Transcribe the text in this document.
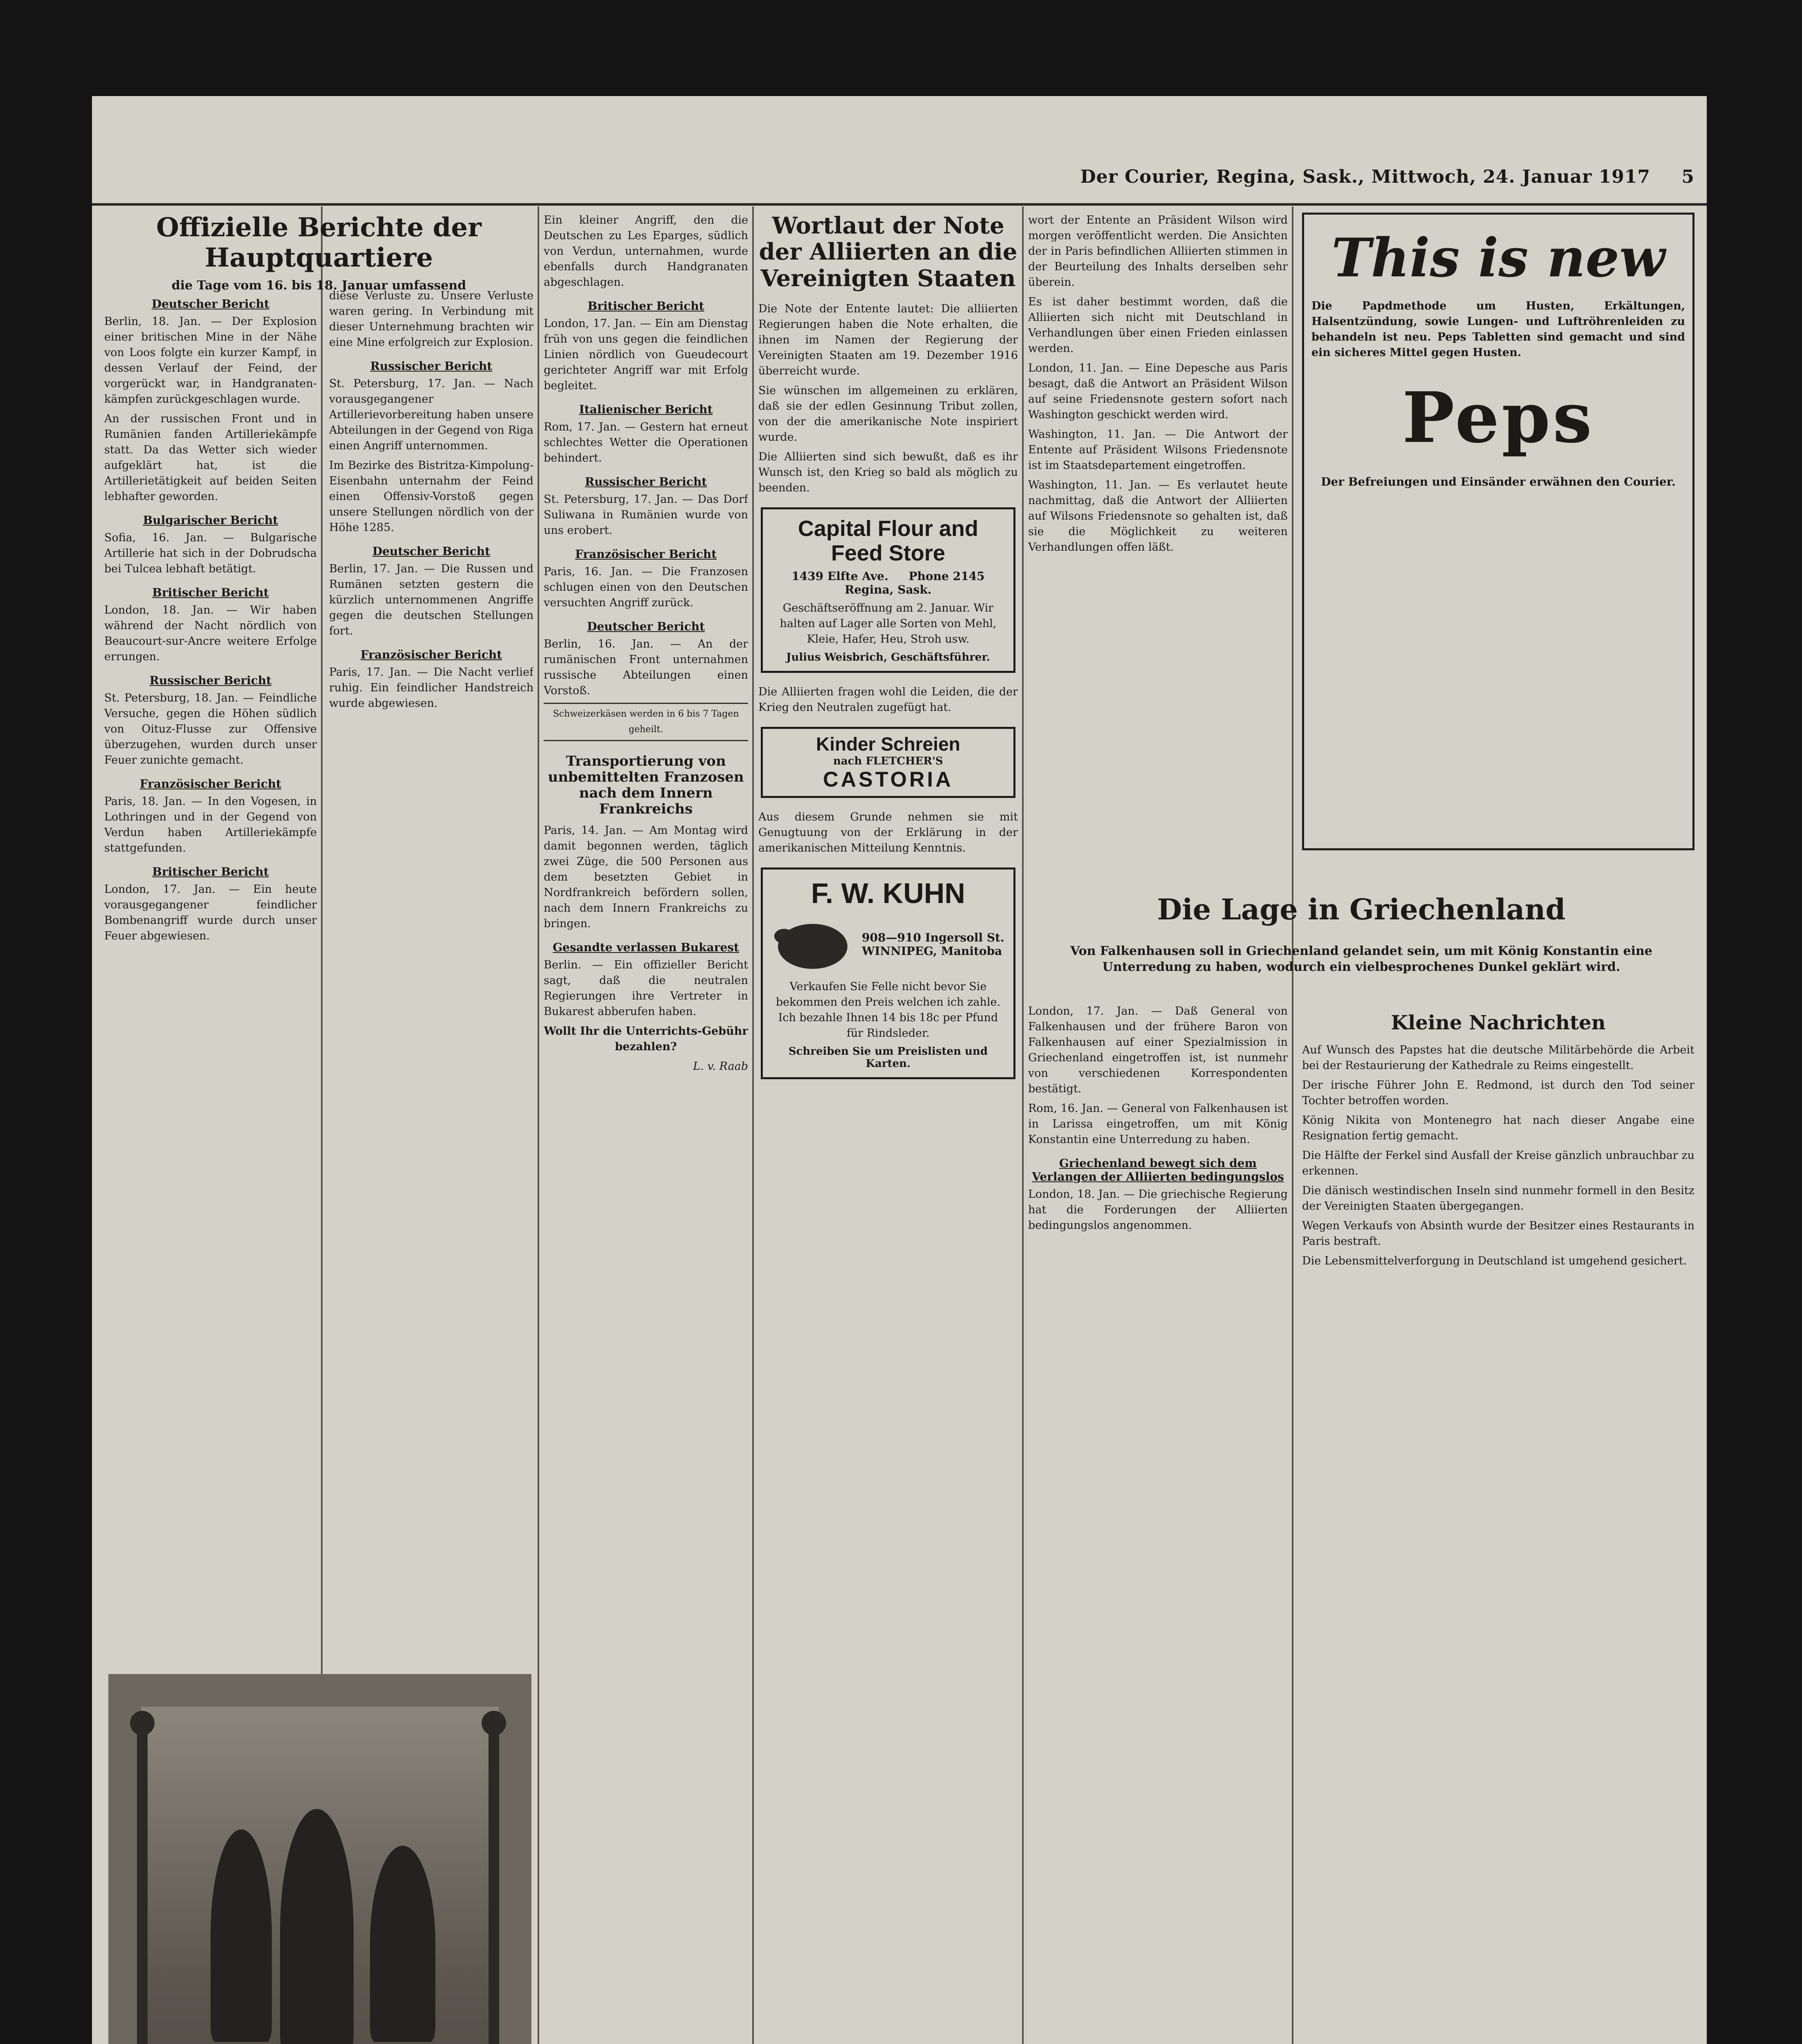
Der Courier, Regina, Sask., Mittwoch, 24. Januar 1917 5
Offizielle Berichte der Hauptquartiere
die Tage vom 16. bis 18. Januar umfassend
Deutscher Bericht

Berlin, 18. Jan. — Der Explosion einer britischen Mine in der Nähe von Loos folgte ein kurzer Kampf, in dessen Verlauf der Feind, der vorgerückt war, in Handgranaten-kämpfen zurückgeschlagen wurde.

An der russischen Front und in Rumänien fanden Artilleriekämpfe statt. Da das Wetter sich wieder aufgeklärt hat, ist die Artillerietätigkeit auf beiden Seiten lebhafter geworden.

Bulgarischer Bericht

Sofia, 16. Jan. — Bulgarische Artillerie hat sich in der Dobrudscha bei Tulcea lebhaft betätigt.

Britischer Bericht

London, 18. Jan. — Wir haben während der Nacht nördlich von Beaucourt-sur-Ancre weitere Erfolge errungen.

Russischer Bericht

St. Petersburg, 18. Jan. — Feindliche Versuche, gegen die Höhen südlich von Oituz-Flusse zur Offensive überzugehen, wurden durch unser Feuer zunichte gemacht.

Französischer Bericht

Paris, 18. Jan. — In den Vogesen, in Lothringen und in der Gegend von Verdun haben Artilleriekämpfe stattgefunden.

Britischer Bericht

London, 17. Jan. — Ein heute vorausgegangener feindlicher Bombenangriff wurde durch unser Feuer abgewiesen.

diese Verluste zu. Unsere Verluste waren gering. In Verbindung mit dieser Unternehmung brachten wir eine Mine erfolgreich zur Explosion.

Russischer Bericht

St. Petersburg, 17. Jan. — Nach vorausgegangener Artillerievorbereitung haben unsere Abteilungen in der Gegend von Riga einen Angriff unternommen.

Im Bezirke des Bistritza-Kimpolung-Eisenbahn unternahm der Feind einen Offensiv-Vorstoß gegen unsere Stellungen nördlich von der Höhe 1285.

Deutscher Bericht

Berlin, 17. Jan. — Die Russen und Rumänen setzten gestern die kürzlich unternommenen Angriffe gegen die deutschen Stellungen fort.

Französischer Bericht

Paris, 17. Jan. — Die Nacht verlief ruhig. Ein feindlicher Handstreich wurde abgewiesen.

Ein kleiner Angriff, den die Deutschen zu Les Eparges, südlich von Verdun, unternahmen, wurde ebenfalls durch Handgranaten abgeschlagen.

Britischer Bericht

London, 17. Jan. — Ein am Dienstag früh von uns gegen die feindlichen Linien nördlich von Gueudecourt gerichteter Angriff war mit Erfolg begleitet.

Italienischer Bericht

Rom, 17. Jan. — Gestern hat erneut schlechtes Wetter die Operationen behindert.

Russischer Bericht

St. Petersburg, 17. Jan. — Das Dorf Suliwana in Rumänien wurde von uns erobert.

Französischer Bericht

Paris, 16. Jan. — Die Franzosen schlugen einen von den Deutschen versuchten Angriff zurück.

Deutscher Bericht

Berlin, 16. Jan. — An der rumänischen Front unternahmen russische Abteilungen einen Vorstoß.

Schweizerkäsen werden in 6 bis 7 Tagen geheilt.

Transportierung von unbemittelten Franzosen nach dem Innern Frankreichs

Paris, 14. Jan. — Am Montag wird damit begonnen werden, täglich zwei Züge, die 500 Personen aus dem besetzten Gebiet in Nordfrankreich befördern sollen, nach dem Innern Frankreichs zu bringen.

Gesandte verlassen Bukarest

Berlin. — Ein offizieller Bericht sagt, daß die neutralen Regierungen ihre Vertreter in Bukarest abberufen haben.

Wollt Ihr die Unterrichts-Gebühr bezahlen?

L. v. Raab

Wortlaut der Note der Alliierten an die Vereinigten Staaten

Die Note der Entente lautet: Die alliierten Regierungen haben die Note erhalten, die ihnen im Namen der Regierung der Vereinigten Staaten am 19. Dezember 1916 überreicht wurde.

Sie wünschen im allgemeinen zu erklären, daß sie der edlen Gesinnung Tribut zollen, von der die amerikanische Note inspiriert wurde.

Die Alliierten sind sich bewußt, daß es ihr Wunsch ist, den Krieg so bald als möglich zu beenden.

Capital Flour and Feed Store
1439 Elfte Ave. Phone 2145
Regina, Sask.

Geschäftseröffnung am 2. Januar. Wir halten auf Lager alle Sorten von Mehl, Kleie, Hafer, Heu, Stroh usw.

Julius Weisbrich, Geschäftsführer.

Die Alliierten fragen wohl die Leiden, die der Krieg den Neutralen zugefügt hat.

Kinder Schreien
nach FLETCHER'S
CASTORIA

Aus diesem Grunde nehmen sie mit Genugtuung von der Erklärung in der amerikanischen Mitteilung Kenntnis.

F. W. KUHN
908—910 Ingersoll St.
WINNIPEG, Manitoba

Verkaufen Sie Felle nicht bevor Sie bekommen den Preis welchen ich zahle. Ich bezahle Ihnen 14 bis 18c per Pfund für Rindsleder.

Schreiben Sie um Preislisten und Karten.

wort der Entente an Präsident Wilson wird morgen veröffentlicht werden. Die Ansichten der in Paris befindlichen Alliierten stimmen in der Beurteilung des Inhalts derselben sehr überein.

Es ist daher bestimmt worden, daß die Alliierten sich nicht mit Deutschland in Verhandlungen über einen Frieden einlassen werden.

London, 11. Jan. — Eine Depesche aus Paris besagt, daß die Antwort an Präsident Wilson auf seine Friedensnote gestern sofort nach Washington geschickt werden wird.

Washington, 11. Jan. — Die Antwort der Entente auf Präsident Wilsons Friedensnote ist im Staatsdepartement eingetroffen.

Washington, 11. Jan. — Es verlautet heute nachmittag, daß die Antwort der Alliierten auf Wilsons Friedensnote so gehalten ist, daß sie die Möglichkeit zu weiteren Verhandlungen offen läßt.

This is new

Die Papdmethode um Husten, Erkältungen, Halsentzündung, sowie Lungen- und Luftröhrenleiden zu behandeln ist neu. Peps Tabletten sind gemacht und sind ein sicheres Mittel gegen Husten.

Peps
Der Befreiungen und Einsänder erwähnen den Courier.
Die Lage in Griechenland
Von Falkenhausen soll in Griechenland gelandet sein, um mit König Konstantin eine Unterredung zu haben, wodurch ein vielbesprochenes Dunkel geklärt wird.

London, 17. Jan. — Daß General von Falkenhausen und der frühere Baron von Falkenhausen auf einer Spezialmission in Griechenland eingetroffen ist, ist nunmehr von verschiedenen Korrespondenten bestätigt.

Rom, 16. Jan. — General von Falkenhausen ist in Larissa eingetroffen, um mit König Konstantin eine Unterredung zu haben.

Griechenland bewegt sich dem Verlangen der Alliierten bedingungslos

London, 18. Jan. — Die griechische Regierung hat die Forderungen der Alliierten bedingungslos angenommen.

Kleine Nachrichten

Auf Wunsch des Papstes hat die deutsche Militärbehörde die Arbeit bei der Restaurierung der Kathedrale zu Reims eingestellt.

Der irische Führer John E. Redmond, ist durch den Tod seiner Tochter betroffen worden.

König Nikita von Montenegro hat nach dieser Angabe eine Resignation fertig gemacht.

Die Hälfte der Ferkel sind Ausfall der Kreise gänzlich unbrauchbar zu erkennen.

Die dänisch westindischen Inseln sind nunmehr formell in den Besitz der Vereinigten Staaten übergegangen.

Wegen Verkaufs von Absinth wurde der Besitzer eines Restaurants in Paris bestraft.

Die Lebensmittelverforgung in Deutschland ist umgehend gesichert.
